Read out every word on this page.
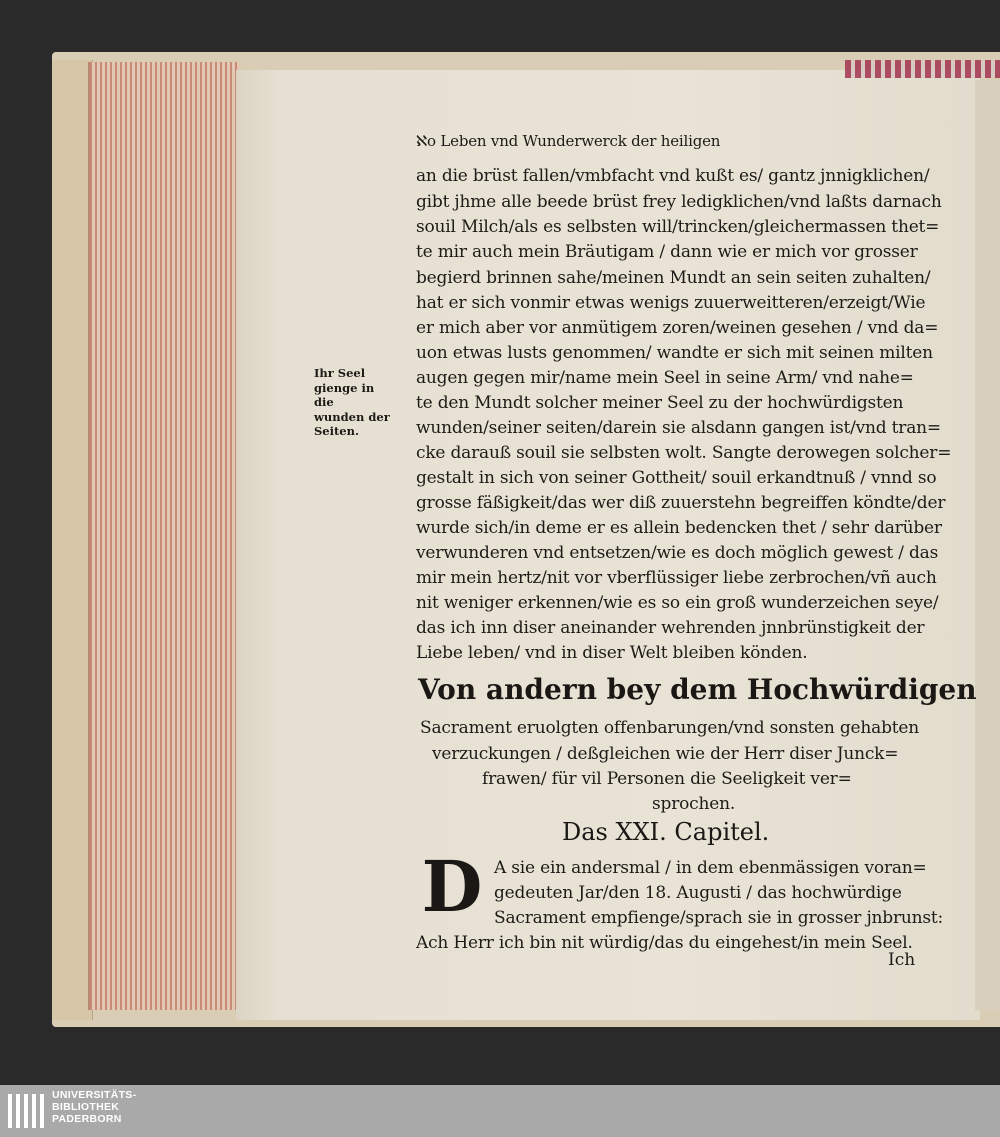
ℵo Leben vnd Wunderwerck der heiligen
Ihr Seel
gienge in die
wunden der
Seiten.
an die brüst fallen/vmbfacht vnd kußt es/ gantz jnnigklichen/
gibt jhme alle beede brüst frey ledigklichen/vnd laßts darnach
souil Milch/als es selbsten will/trincken/gleichermassen thet=
te mir auch mein Bräutigam / dann wie er mich vor grosser
begierd brinnen sahe/meinen Mundt an sein seiten zuhalten/
hat er sich vonmir etwas wenigs zuuerweitteren/erzeigt/Wie
er mich aber vor anmütigem zoren/weinen gesehen / vnd da=
uon etwas lusts genommen/ wandte er sich mit seinen milten
augen gegen mir/name mein Seel in seine Arm/ vnd nahe=
te den Mundt solcher meiner Seel zu der hochwürdigsten
wunden/seiner seiten/darein sie alsdann gangen ist/vnd tran=
cke darauß souil sie selbsten wolt. Sangte derowegen solcher=
gestalt in sich von seiner Gottheit/ souil erkandtnuß / vnnd so
grosse fäßigkeit/das wer diß zuuerstehn begreiffen köndte/der
wurde sich/in deme er es allein bedencken thet / sehr darüber
verwunderen vnd entsetzen/wie es doch möglich gewest / das
mir mein hertz/nit vor vberflüssiger liebe zerbrochen/vñ auch
nit weniger erkennen/wie es so ein groß wunderzeichen seye/
das ich inn diser aneinander wehrenden jnnbrünstigkeit der
Liebe leben/ vnd in diser Welt bleiben könden.
Von andern bey dem Hochwürdigen
Sacrament eruolgten offenbarungen/vnd sonsten gehabten
verzuckungen / deßgleichen wie der Herr diser Junck=
frawen/ für vil Personen die Seeligkeit ver=
sprochen.
Das XXI. Capitel.
D A sie ein andersmal / in dem ebenmässigen voran=
gedeuten Jar/den 18. Augusti / das hochwürdige
Sacrament empfienge/sprach sie in grosser jnbrunst:
Ach Herr ich bin nit würdig/das du eingehest/in mein Seel.
Ich
UNIVERSITÄTS-
BIBLIOTHEK
PADERBORN
